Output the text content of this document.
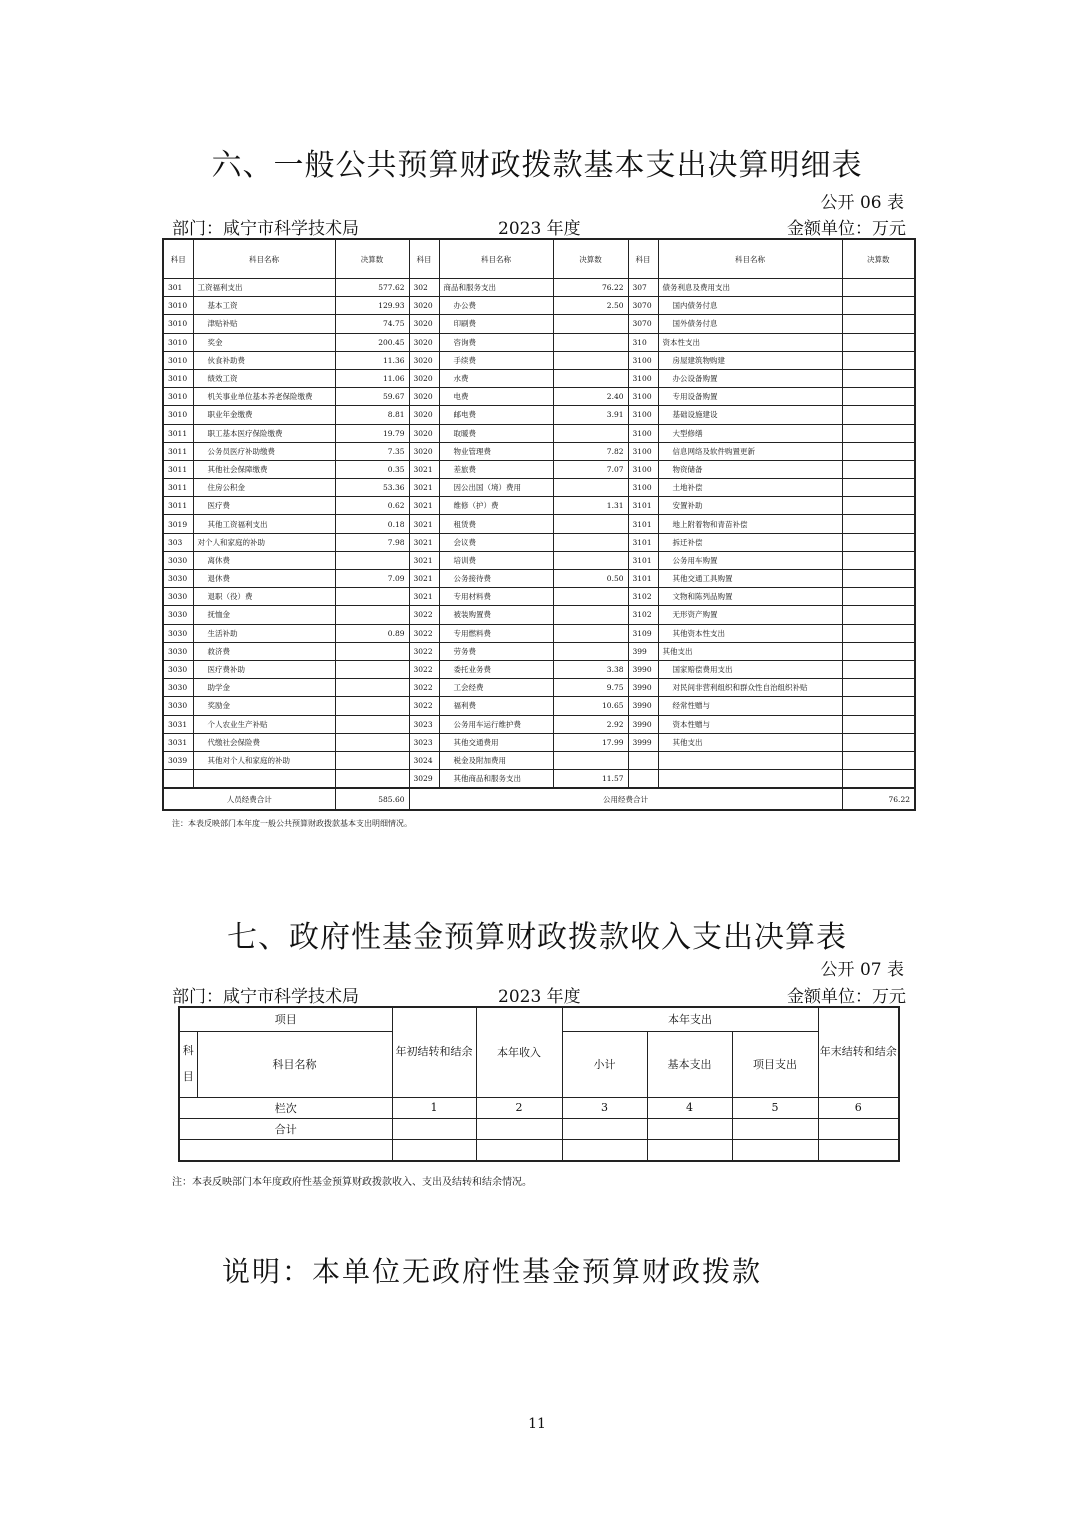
六、一般公共预算财政拨款基本支出决算明细表
公开 06 表
部门：咸宁市科学技术局	2023 年度	金额单位：万元
科目	科目名称	决算数	科目	科目名称	决算数	科目	科目名称	决算数
301	工资福利支出	577.62	302	商品和服务支出	76.22	307	债务利息及费用支出	
3010	基本工资	129.93	3020	办公费	2.50	3070	国内债务付息	
3010	津贴补贴	74.75	3020	印刷费		3070	国外债务付息	
3010	奖金	200.45	3020	咨询费		310	资本性支出	
3010	伙食补助费	11.36	3020	手续费		3100	房屋建筑物购建	
3010	绩效工资	11.06	3020	水费		3100	办公设备购置	
3010	机关事业单位基本养老保险缴费	59.67	3020	电费	2.40	3100	专用设备购置	
3010	职业年金缴费	8.81	3020	邮电费	3.91	3100	基础设施建设	
3011	职工基本医疗保险缴费	19.79	3020	取暖费		3100	大型修缮	
3011	公务员医疗补助缴费	7.35	3020	物业管理费	7.82	3100	信息网络及软件购置更新	
3011	其他社会保障缴费	0.35	3021	差旅费	7.07	3100	物资储备	
3011	住房公积金	53.36	3021	因公出国（境）费用		3100	土地补偿	
3011	医疗费	0.62	3021	维修（护）费	1.31	3101	安置补助	
3019	其他工资福利支出	0.18	3021	租赁费		3101	地上附着物和青苗补偿	
303	对个人和家庭的补助	7.98	3021	会议费		3101	拆迁补偿	
3030	离休费		3021	培训费		3101	公务用车购置	
3030	退休费	7.09	3021	公务接待费	0.50	3101	其他交通工具购置	
3030	退职（役）费		3021	专用材料费		3102	文物和陈列品购置	
3030	抚恤金		3022	被装购置费		3102	无形资产购置	
3030	生活补助	0.89	3022	专用燃料费		3109	其他资本性支出	
3030	救济费		3022	劳务费		399	其他支出	
3030	医疗费补助		3022	委托业务费	3.38	3990	国家赔偿费用支出	
3030	助学金		3022	工会经费	9.75	3990	对民间非营利组织和群众性自治组织补贴	
3030	奖励金		3022	福利费	10.65	3990	经常性赠与	
3031	个人农业生产补贴		3023	公务用车运行维护费	2.92	3990	资本性赠与	
3031	代缴社会保险费		3023	其他交通费用	17.99	3999	其他支出	
3039	其他对个人和家庭的补助		3024	税金及附加费用				
			3029	其他商品和服务支出	11.57			
人员经费合计		585.60	公用经费合计					76.22
注：本表反映部门本年度一般公共预算财政拨款基本支出明细情况。
七、政府性基金预算财政拨款收入支出决算表
公开 07 表
部门：咸宁市科学技术局	2023 年度	金额单位：万元
项目		年初结转和结余	本年收入	本年支出			年末结转和结余
科目	科目名称			小计	基本支出	项目支出	
栏次		1	2	3	4	5	6
合计							

注：本表反映部门本年度政府性基金预算财政拨款收入、支出及结转和结余情况。
说明：本单位无政府性基金预算财政拨款
11
